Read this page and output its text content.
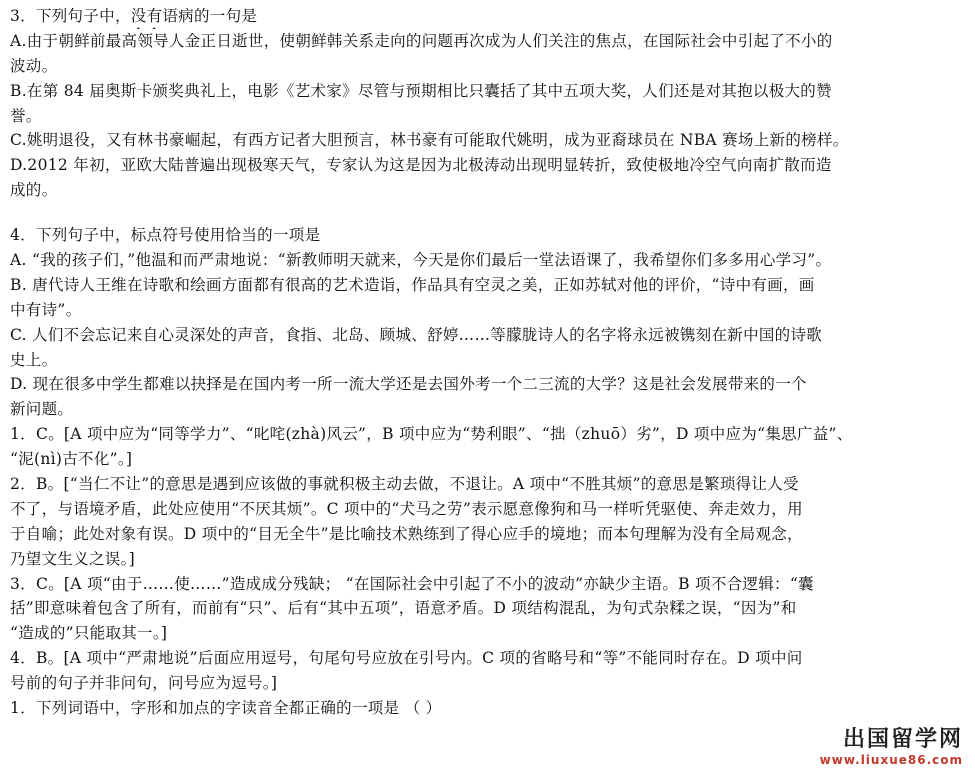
3．下列句子中，没有语病的一句是
A.由于朝鲜前最高领导人金正日逝世，使朝鲜韩关系走向的问题再次成为人们关注的焦点，在国际社会中引起了不小的
波动。
B.在第 84 届奥斯卡颁奖典礼上，电影《艺术家》尽管与预期相比只囊括了其中五项大奖，人们还是对其抱以极大的赞
誉。
C.姚明退役，又有林书豪崛起，有西方记者大胆预言，林书豪有可能取代姚明，成为亚裔球员在 NBA 赛场上新的榜样。
D.2012 年初，亚欧大陆普遍出现极寒天气，专家认为这是因为北极涛动出现明显转折，致使极地冷空气向南扩散而造
成的。
4．下列句子中，标点符号使用恰当的一项是
A. “我的孩子们，”他温和而严肃地说：“新教师明天就来，今天是你们最后一堂法语课了，我希望你们多多用心学习”。
B. 唐代诗人王维在诗歌和绘画方面都有很高的艺术造诣，作品具有空灵之美，正如苏轼对他的评价，“诗中有画，画
中有诗”。
C. 人们不会忘记来自心灵深处的声音，食指、北岛、顾城、舒婷……等朦胧诗人的名字将永远被镌刻在新中国的诗歌
史上。
D. 现在很多中学生都难以抉择是在国内考一所一流大学还是去国外考一个二三流的大学？这是社会发展带来的一个
新问题。
1．C。[A 项中应为“同等学力”、“叱咤(zhà)风云”，B 项中应为“势利眼”、“拙（zhuō）劣”，D 项中应为“集思广益”、
“泥(nì)古不化”。]
2．B。[“当仁不让”的意思是遇到应该做的事就积极主动去做，不退让。A 项中“不胜其烦”的意思是繁琐得让人受
不了，与语境矛盾，此处应使用“不厌其烦”。C 项中的“犬马之劳”表示愿意像狗和马一样听凭驱使、奔走效力，用
于自喻；此处对象有误。D 项中的“目无全牛”是比喻技术熟练到了得心应手的境地；而本句理解为没有全局观念，
乃望文生义之误。]
3．C。[A 项“由于……使……”造成成分残缺； “在国际社会中引起了不小的波动”亦缺少主语。B 项不合逻辑：“囊
括”即意味着包含了所有，而前有“只”、后有“其中五项”，语意矛盾。D 项结构混乱，为句式杂糅之误，“因为”和
“造成的”只能取其一。]
4．B。[A 项中“严肃地说”后面应用逗号，句尾句号应放在引号内。C 项的省略号和“等”不能同时存在。D 项中问
号前的句子并非问句，问号应为逗号。]
1．下列词语中，字形和加点的字读音全都正确的一项是 （ ）
出国留学网
www.liuxue86.com
